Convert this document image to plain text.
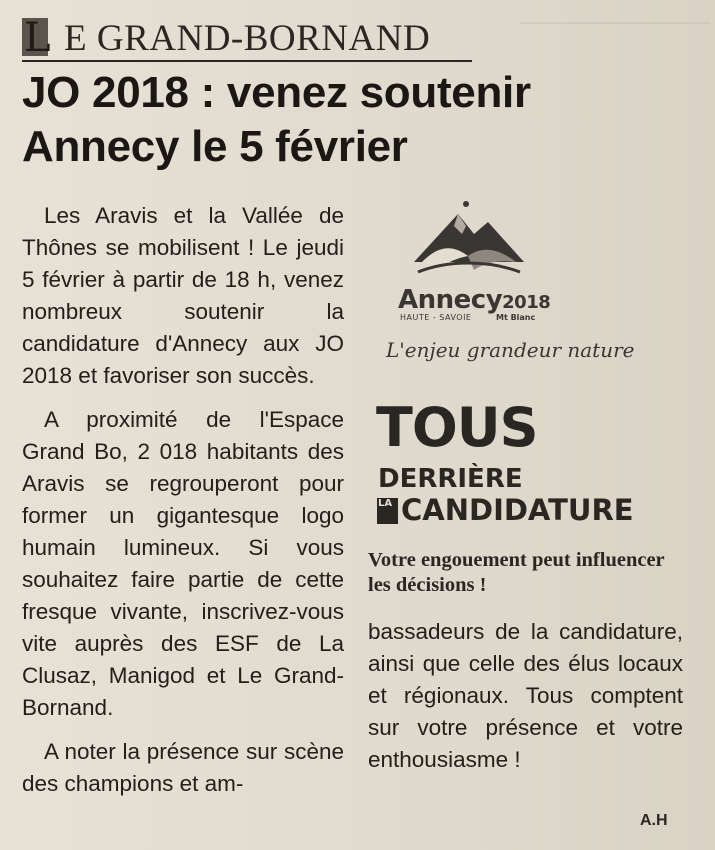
L E GRAND-BORNAND
JO 2018 : venez soutenir
Annecy le 5 février

Les Aravis et la Vallée de Thônes se mobilisent ! Le jeudi 5 février à partir de 18 h, venez nombreux soutenir la candidature d'Annecy aux JO 2018 et favoriser son succès.

A proximité de l'Espace Grand Bo, 2 018 habitants des Aravis se regrouperont pour former un gigantesque logo humain lumineux. Si vous souhaitez faire partie de cette fresque vivante, inscrivez-vous vite auprès des ESF de La Clusaz, Manigod et Le Grand-Bornand.

A noter la présence sur scène des champions et am-

Annecy2018
HAUTE - SAVOIE	Mt Blanc
L'enjeu grandeur nature
TOUS
DERRIÈRE
LA CANDIDATURE
Votre engouement peut influencer les décisions !

bassadeurs de la candidature, ainsi que celle des élus locaux et régionaux. Tous comptent sur votre présence et votre enthousiasme !

A.H
